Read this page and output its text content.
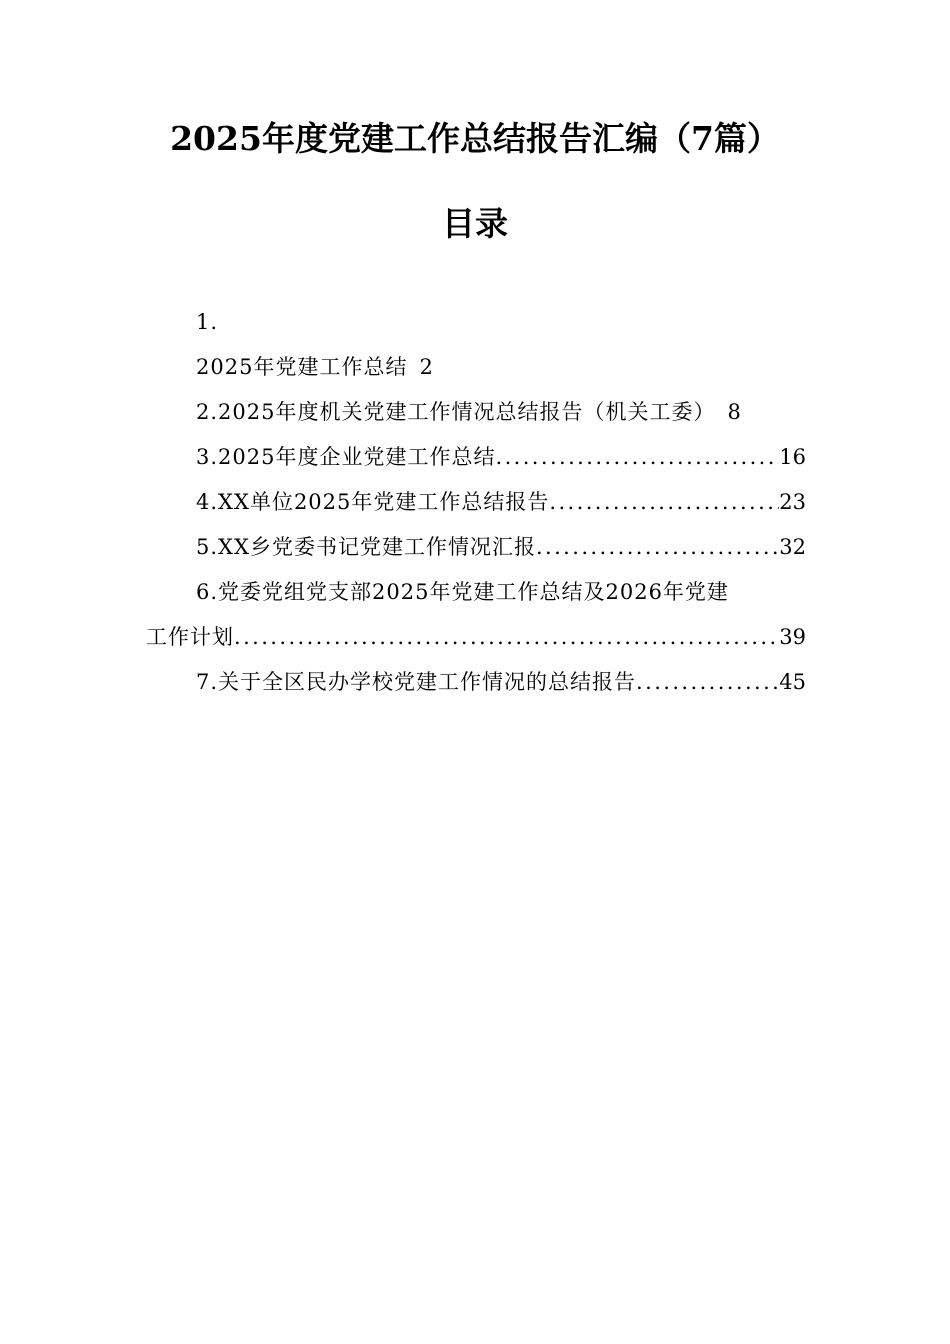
2025年度党建工作总结报告汇编（7篇）
目录
1.
2025年党建工作总结 2
2. 2025年度机关党建工作情况总结报告（机关工委） 8
3. 2025年度企业党建工作总结 .....	16
4. XX单位2025年党建工作总结报告 .....	23
5. XX乡党委书记党建工作情况汇报 .....	32
6. 党委党组党支部2025年党建工作总结及2026年党建
工作计划 .....	39
7. 关于全区民办学校党建工作情况的总结报告 .....	45
